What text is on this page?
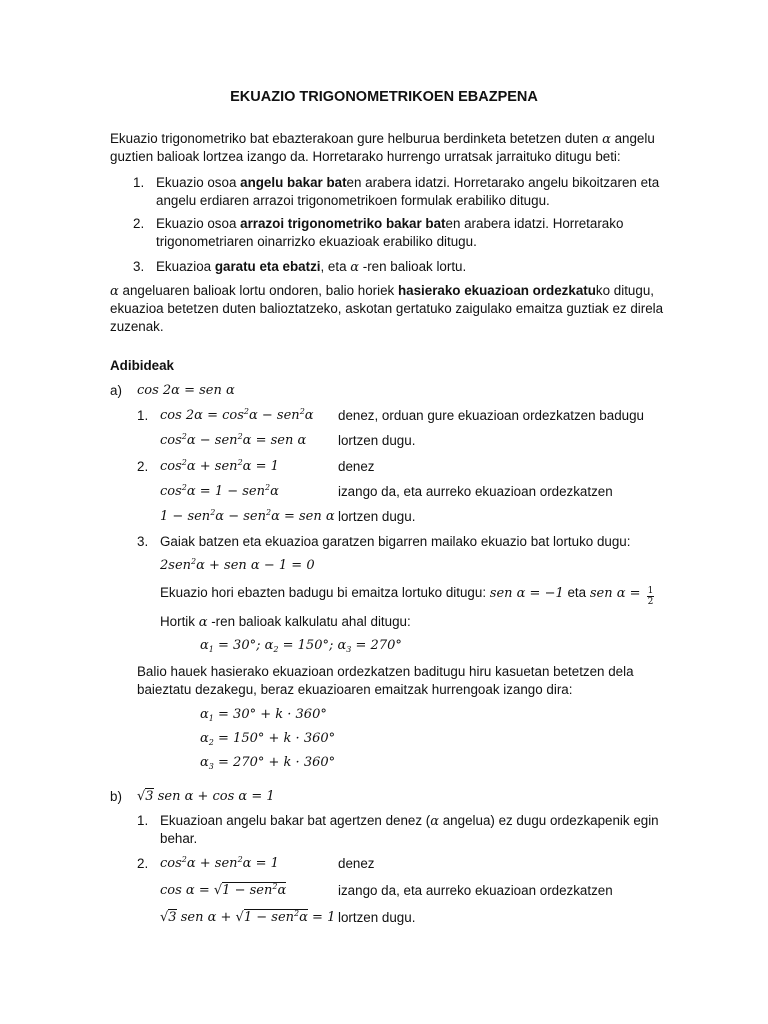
EKUAZIO TRIGONOMETRIKOEN EBAZPENA
Ekuazio trigonometriko bat ebazterakoan gure helburua berdinketa betetzen duten α angelu
guztien balioak lortzea izango da. Horretarako hurrengo urratsak jarraituko ditugu beti:
1. Ekuazio osoa angelu bakar baten arabera idatzi. Horretarako angelu bikoitzaren eta
angelu erdiaren arrazoi trigonometrikoen formulak erabiliko ditugu.
2. Ekuazio osoa arrazoi trigonometriko bakar baten arabera idatzi. Horretarako
trigonometriaren oinarrizko ekuazioak erabiliko ditugu.
3. Ekuazioa garatu eta ebatzi, eta α -ren balioak lortu.
α angeluaren balioak lortu ondoren, balio horiek hasierako ekuazioan ordezkatuko ditugu,
ekuazioa betetzen duten balioztatzeko, askotan gertatuko zaigulako emaitza guztiak ez direla
zuzenak.
Adibideak
a) cos 2α = sen α
1. $\cos 2\alpha = \cos^2\alpha - sen^2\alpha$ denez, orduan gure ekuazioan ordezkatzen badugu
$\cos^2\alpha - sen^2\alpha$ = sen α lortzen dugu.
2. $\cos^2\alpha + sen^2\alpha = 1$	denez
$\cos^2\alpha = 1 - sen^2\alpha$	izango da, eta aurreko ekuazioan ordezkatzen
1 − sen$^2$α − sen$^2$α = sen α lortzen dugu.
3. Gaiak batzen eta ekuazioa garatzen bigarren mailako ekuazio bat lortuko dugu:
2sen$^2$α + sen α − 1 = 0
Ekuazio hori ebazten badugu bi emaitza lortuko ditugu: sen α = −1 eta sen $\alpha = \frac{1}{2}$
Hortik α -ren balioak kalkulatu ahal ditugu:
$\alpha_1 = 30^\circ$; $\alpha_2 = 150^\circ$; $\alpha_3 = 270^\circ$
Balio hauek hasierako ekuazioan ordezkatzen baditugu hiru kasuetan betetzen dela
baieztatu dezakegu, beraz ekuazioaren emaitzak hurrengoak izango dira:
$\alpha_1 = 30^\circ + k \cdot 360^\circ$
$\alpha_2 = 150^\circ + k \cdot 360^\circ$
$\alpha_3 = 270^\circ + k \cdot 360^\circ$
b) √3 sen α + cos α = 1
1. Ekuazioan angelu bakar bat agertzen denez (α angelua) ez dugu ordezkapenik egin
behar.
2. $\cos^2\alpha + sen^2\alpha = 1$	denez
cos α = √1 − sen$^2$α	izango da, eta aurreko ekuazioan ordezkatzen
√3 sen α + √1 − sen$^2$α = 1 lortzen dugu.
